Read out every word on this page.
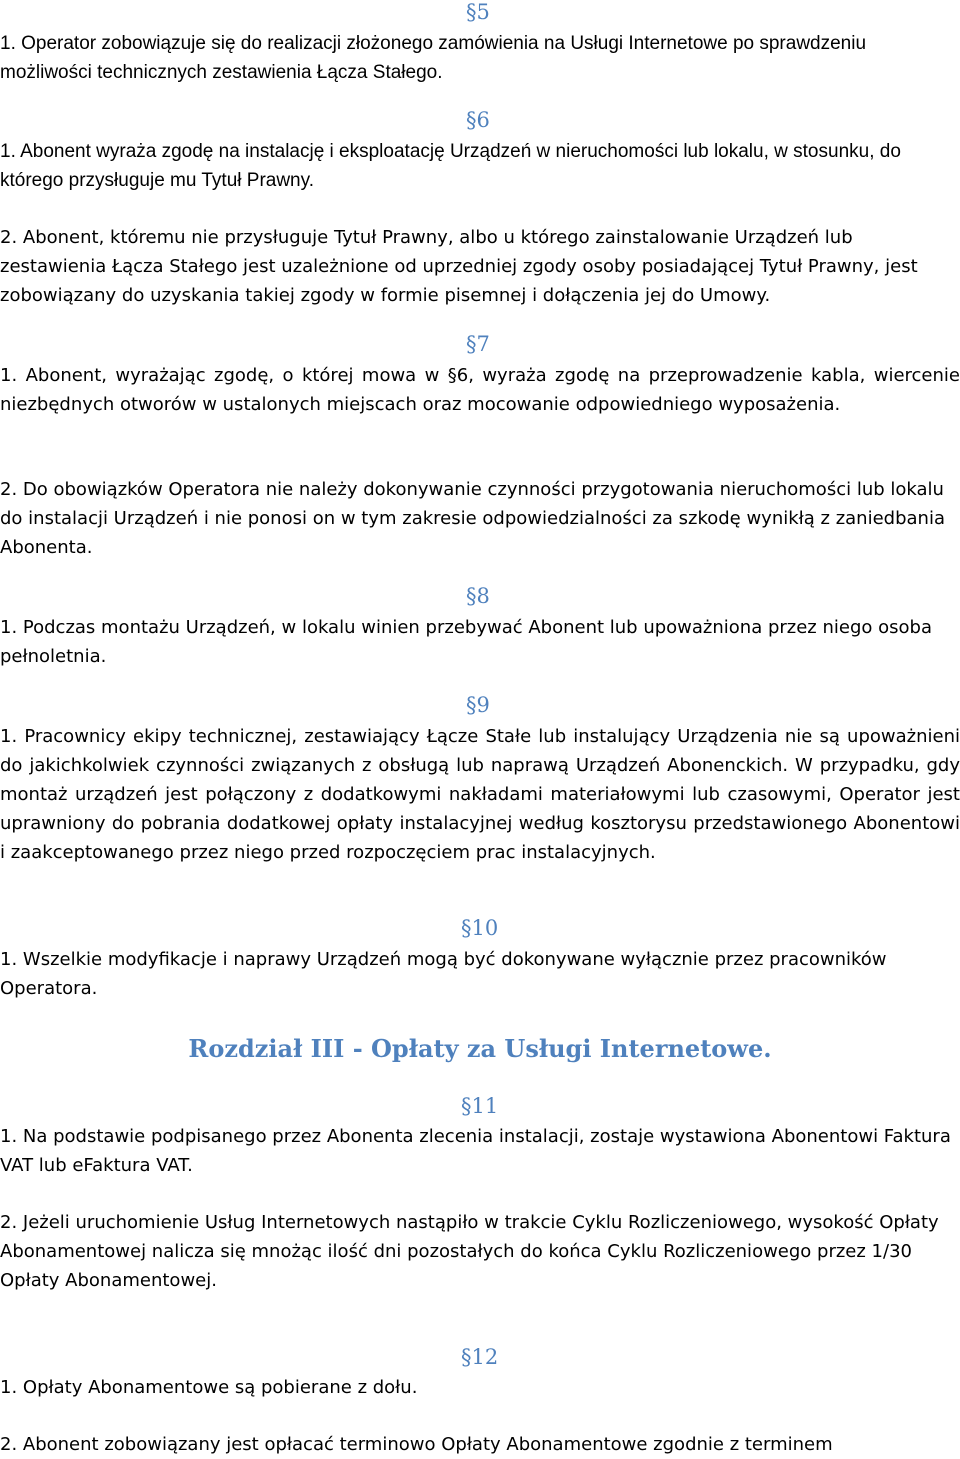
§5

1. Operator zobowiązuje się do realizacji złożonego zamówienia na Usługi Internetowe po sprawdzeniu możliwości technicznych zestawienia Łącza Stałego.

§6

1. Abonent wyraża zgodę na instalację i eksploatację Urządzeń w nieruchomości lub lokalu, w stosunku, do którego przysługuje mu Tytuł Prawny.

2. Abonent, któremu nie przysługuje Tytuł Prawny, albo u którego zainstalowanie Urządzeń lub zestawienia Łącza Stałego jest uzależnione od uprzedniej zgody osoby posiadającej Tytuł Prawny, jest zobowiązany do uzyskania takiej zgody w formie pisemnej i dołączenia jej do Umowy.

§7

1. Abonent, wyrażając zgodę, o której mowa w §6, wyraża zgodę na przeprowadzenie kabla, wiercenie niezbędnych otworów w ustalonych miejscach oraz mocowanie odpowiedniego wyposażenia.

2. Do obowiązków Operatora nie należy dokonywanie czynności przygotowania nieruchomości lub lokalu do instalacji Urządzeń i nie ponosi on w tym zakresie odpowiedzialności za szkodę wynikłą z zaniedbania Abonenta.

§8

1. Podczas montażu Urządzeń, w lokalu winien przebywać Abonent lub upoważniona przez niego osoba pełnoletnia.

§9

1. Pracownicy ekipy technicznej, zestawiający Łącze Stałe lub instalujący Urządzenia nie są upoważnieni do jakichkolwiek czynności związanych z obsługą lub naprawą Urządzeń Abonenckich. W przypadku, gdy montaż urządzeń jest połączony z dodatkowymi nakładami materiałowymi lub czasowymi, Operator jest uprawniony do pobrania dodatkowej opłaty instalacyjnej według kosztorysu przedstawionego Abonentowi i zaakceptowanego przez niego przed rozpoczęciem prac instalacyjnych.

§10

1. Wszelkie modyfikacje i naprawy Urządzeń mogą być dokonywane wyłącznie przez pracowników Operatora.

Rozdział III - Opłaty za Usługi Internetowe.
§11

1. Na podstawie podpisanego przez Abonenta zlecenia instalacji, zostaje wystawiona Abonentowi Faktura VAT lub eFaktura VAT.

2. Jeżeli uruchomienie Usług Internetowych nastąpiło w trakcie Cyklu Rozliczeniowego, wysokość Opłaty Abonamentowej nalicza się mnożąc ilość dni pozostałych do końca Cyklu Rozliczeniowego przez 1/30 Opłaty Abonamentowej.

§12

1. Opłaty Abonamentowe są pobierane z dołu.

2. Abonent zobowiązany jest opłacać terminowo Opłaty Abonamentowe zgodnie z terminem
